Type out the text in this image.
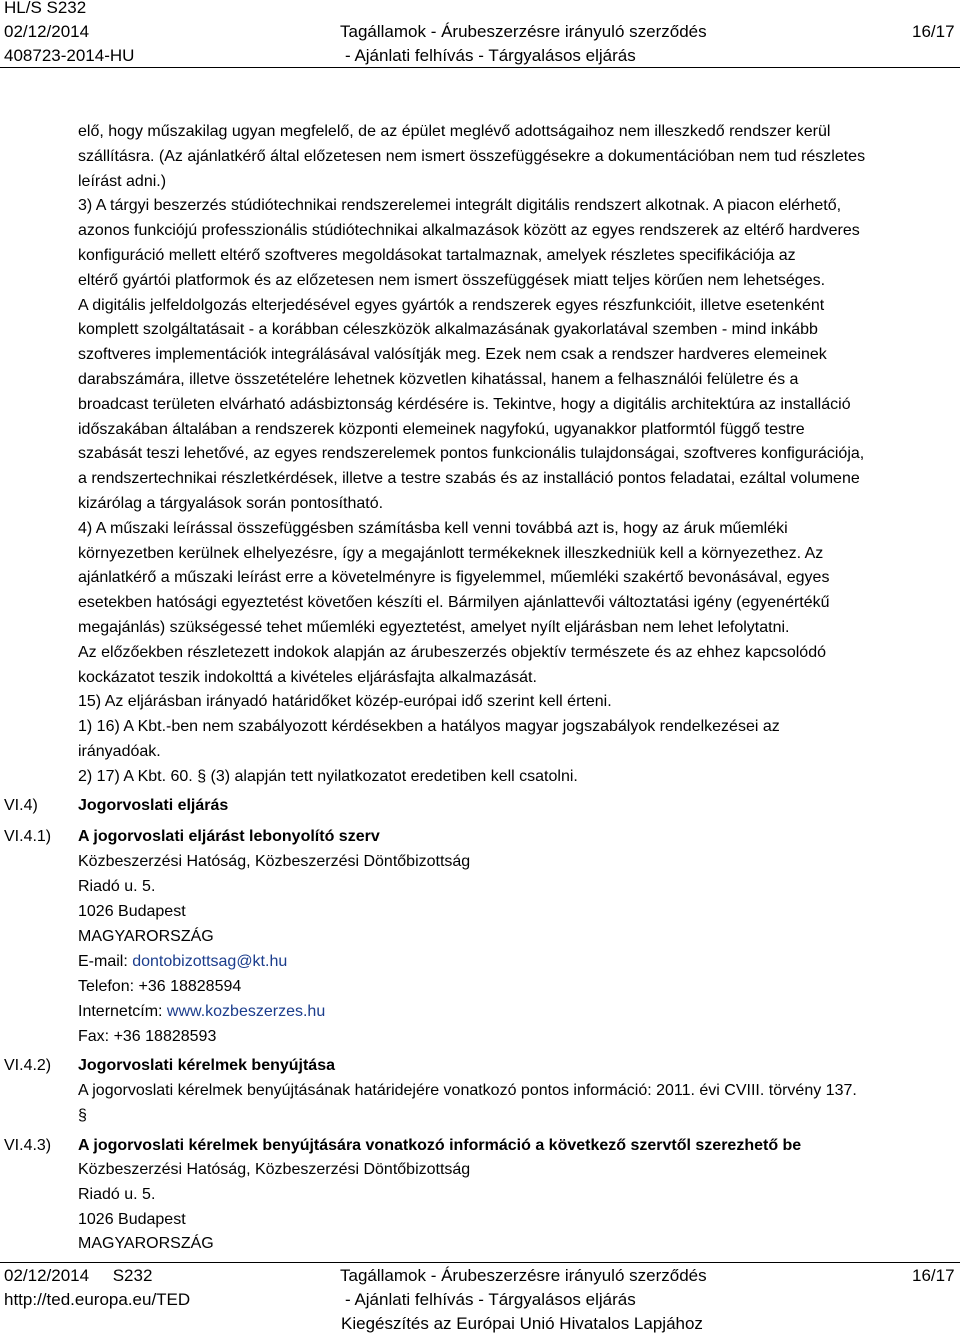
HL/S S232
02/12/2014
408723-2014-HU
Tagállamok - Árubeszerzésre irányuló szerződés
- Ajánlati felhívás - Tárgyalásos eljárás
16/17

elő, hogy műszakilag ugyan megfelelő, de az épület meglévő adottságaihoz nem illeszkedő rendszer kerül

szállításra. (Az ajánlatkérő által előzetesen nem ismert összefüggésekre a dokumentációban nem tud részletes

leírást adni.)

3) A tárgyi beszerzés stúdiótechnikai rendszerelemei integrált digitális rendszert alkotnak. A piacon elérhető,

azonos funkciójú professzionális stúdiótechnikai alkalmazások között az egyes rendszerek az eltérő hardveres

konfiguráció mellett eltérő szoftveres megoldásokat tartalmaznak, amelyek részletes specifikációja az

eltérő gyártói platformok és az előzetesen nem ismert összefüggések miatt teljes körűen nem lehetséges.

A digitális jelfeldolgozás elterjedésével egyes gyártók a rendszerek egyes részfunkcióit, illetve esetenként

komplett szolgáltatásait - a korábban céleszközök alkalmazásának gyakorlatával szemben - mind inkább

szoftveres implementációk integrálásával valósítják meg. Ezek nem csak a rendszer hardveres elemeinek

darabszámára, illetve összetételére lehetnek közvetlen kihatással, hanem a felhasználói felületre és a

broadcast területen elvárható adásbiztonság kérdésére is. Tekintve, hogy a digitális architektúra az installáció

időszakában általában a rendszerek központi elemeinek nagyfokú, ugyanakkor platformtól függő testre

szabását teszi lehetővé, az egyes rendszerelemek pontos funkcionális tulajdonságai, szoftveres konfigurációja,

a rendszertechnikai részletkérdések, illetve a testre szabás és az installáció pontos feladatai, ezáltal volumene

kizárólag a tárgyalások során pontosítható.

4) A műszaki leírással összefüggésben számításba kell venni továbbá azt is, hogy az áruk műemléki

környezetben kerülnek elhelyezésre, így a megajánlott termékeknek illeszkedniük kell a környezethez. Az

ajánlatkérő a műszaki leírást erre a követelményre is figyelemmel, műemléki szakértő bevonásával, egyes

esetekben hatósági egyeztetést követően készíti el. Bármilyen ajánlattevői változtatási igény (egyenértékű

megajánlás) szükségessé tehet műemléki egyeztetést, amelyet nyílt eljárásban nem lehet lefolytatni.

Az előzőekben részletezett indokok alapján az árubeszerzés objektív természete és az ehhez kapcsolódó

kockázatot teszik indokolttá a kivételes eljárásfajta alkalmazását.

15) Az eljárásban irányadó határidőket közép-európai idő szerint kell érteni.

1) 16) A Kbt.-ben nem szabályozott kérdésekben a hatályos magyar jogszabályok rendelkezései az

irányadóak.

2) 17) A Kbt. 60. § (3) alapján tett nyilatkozatot eredetiben kell csatolni.

VI.4)	Jogorvoslati eljárás
VI.4.1) A jogorvoslati eljárást lebonyolító szerv
Közbeszerzési Hatóság, Közbeszerzési Döntőbizottság
Riadó u. 5.
1026 Budapest
MAGYARORSZÁG
E-mail: dontobizottsag@kt.hu
Telefon: +36 18828594
Internetcím: www.kozbeszerzes.hu
Fax: +36 18828593
VI.4.2) Jogorvoslati kérelmek benyújtása
A jogorvoslati kérelmek benyújtásának határidejére vonatkozó pontos információ: 2011. évi CVIII. törvény 137.
§
VI.4.3) A jogorvoslati kérelmek benyújtására vonatkozó információ a következő szervtől szerezhető be
Közbeszerzési Hatóság, Közbeszerzési Döntőbizottság
Riadó u. 5.
1026 Budapest
MAGYARORSZÁG
02/12/2014     S232
http://ted.europa.eu/TED
Tagállamok - Árubeszerzésre irányuló szerződés
- Ajánlati felhívás - Tárgyalásos eljárás
Kiegészítés az Európai Unió Hivatalos Lapjához
16/17
